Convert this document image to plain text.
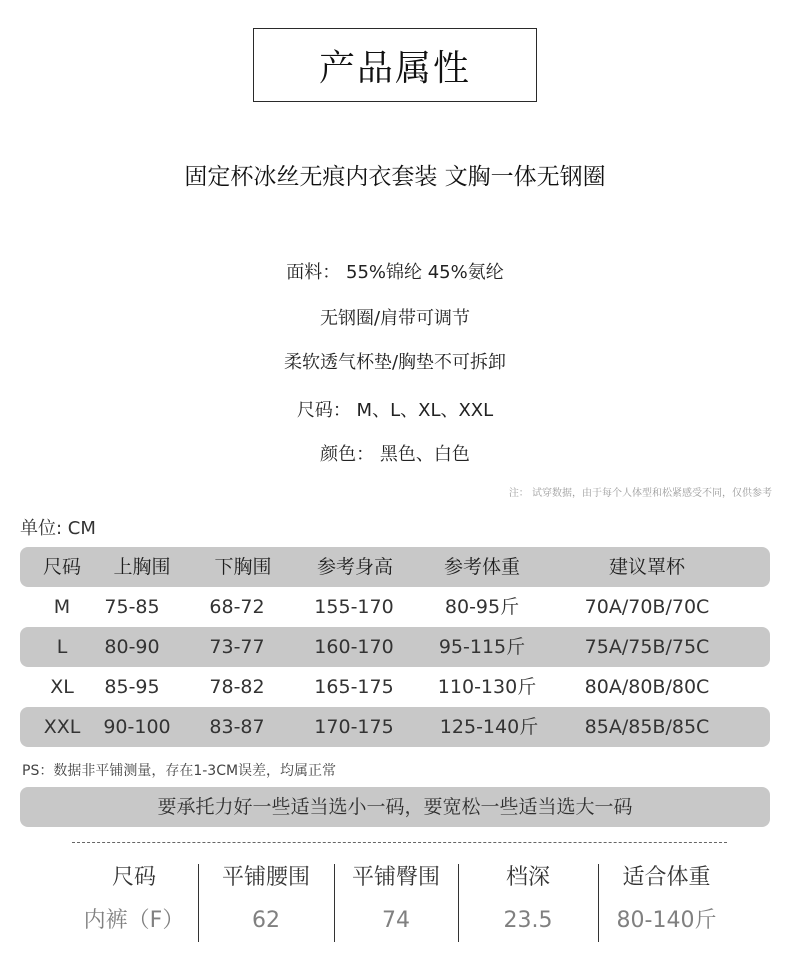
产品属性
固定杯冰丝无痕内衣套装 文胸一体无钢圈
面料： 55%锦纶 45%氨纶
无钢圈/肩带可调节
柔软透气杯垫/胸垫不可拆卸
尺码： M、L、XL、XXL
颜色： 黑色、白色
注： 试穿数据，由于每个人体型和松紧感受不同，仅供参考
单位: CM
尺码 上胸围 下胸围 参考身高	参考体重	建议罩杯
M 75-85	68-72	155-170	80-95斤	70A/70B/70C
L 80-90	73-77	160-170 95-115斤	75A/75B/75C
XL 85-95	78-82	165-175 110-130斤	80A/80B/80C
XXL 90-100 83-87	170-175 125-140斤 85A/85B/85C
PS：数据非平铺测量，存在1-3CM误差，均属正常
要承托力好一些适当选小一码，要宽松一些适当选大一码
尺码	平铺腰围	平铺臀围	档深	适合体重
内裤（F）	62	74	23.5	80-140斤
